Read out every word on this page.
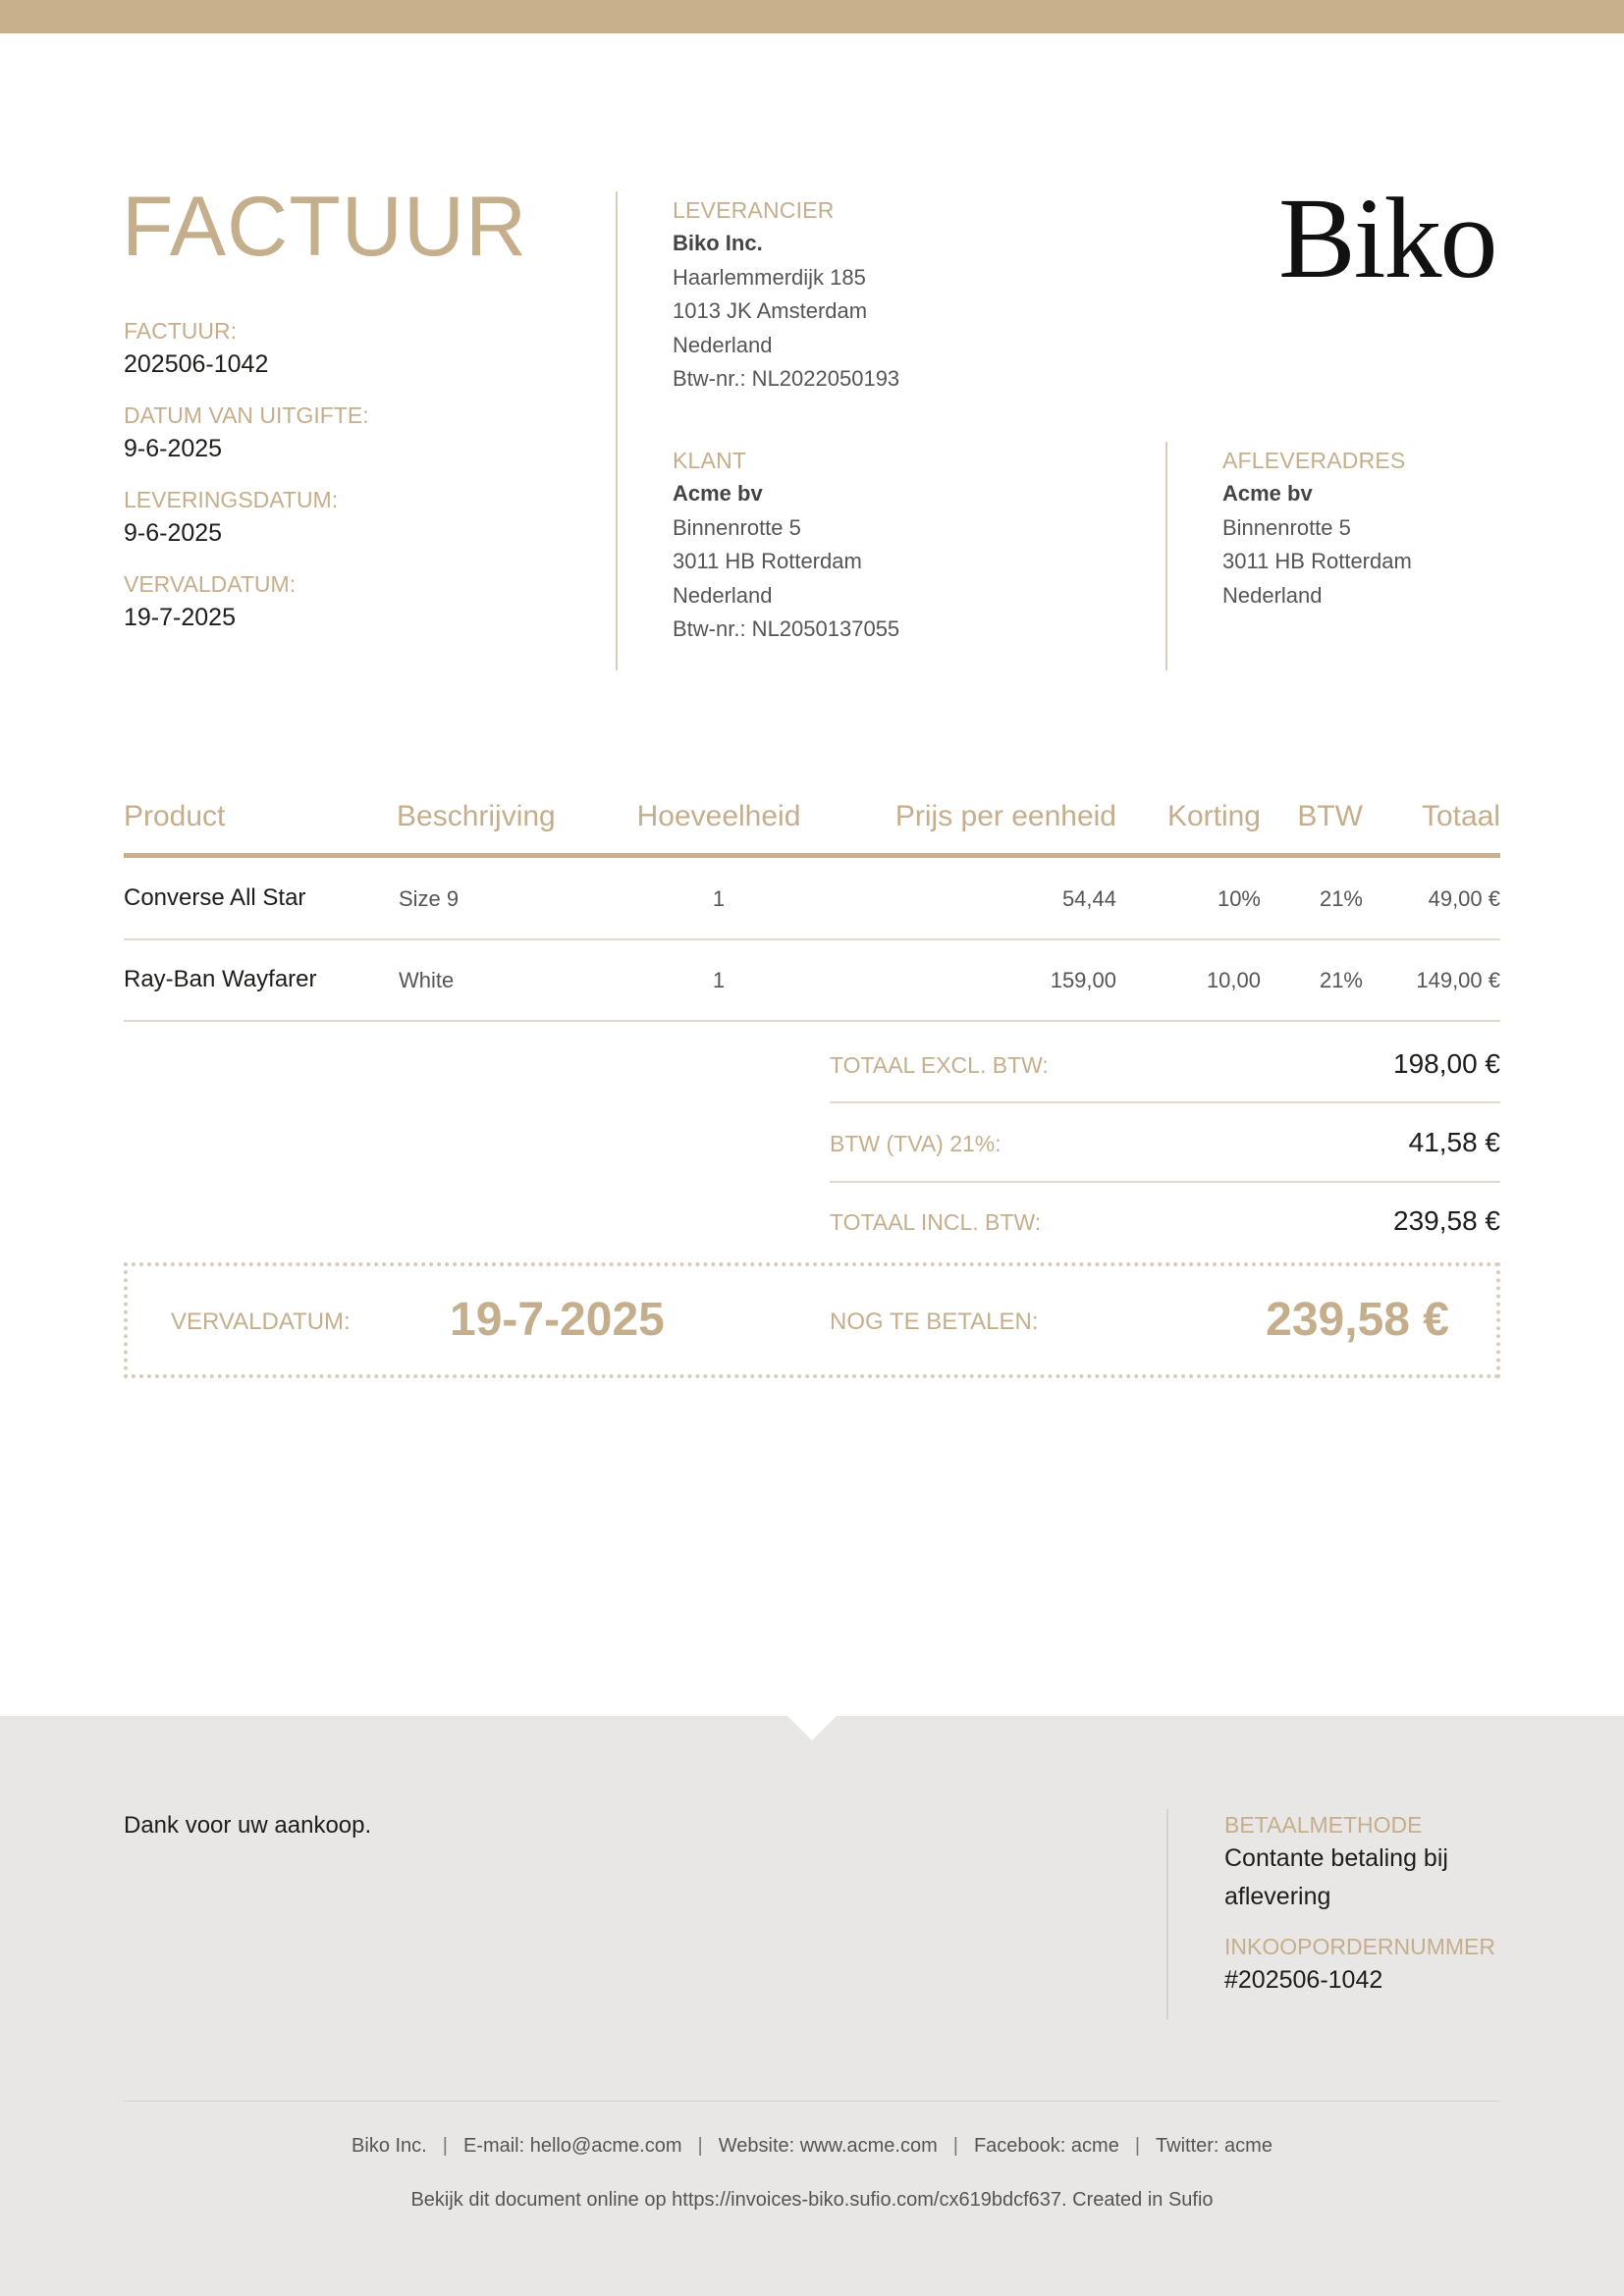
FACTUUR
FACTUUR:
202506-1042
DATUM VAN UITGIFTE:
9-6-2025
LEVERINGSDATUM:
9-6-2025
VERVALDATUM:
19-7-2025
LEVERANCIER
Biko Inc.
Haarlemmerdijk 185
1013 JK Amsterdam
Nederland
Btw-nr.: NL2022050193
Biko
KLANT
Acme bv
Binnenrotte 5
3011 HB Rotterdam
Nederland
Btw-nr.: NL2050137055
AFLEVERADRES
Acme bv
Binnenrotte 5
3011 HB Rotterdam
Nederland
Product	Beschrijving	Hoeveelheid	Prijs per eenheid	Korting	BTW	Totaal
Converse All Star	Size 9	1	54,44	10%	21%	49,00 €
Ray-Ban Wayfarer	White	1	159,00	10,00	21%	149,00 €
TOTAAL EXCL. BTW:	198,00 €
BTW (TVA) 21%:	41,58 €
TOTAAL INCL. BTW:	239,58 €
VERVALDATUM: 19-7-2025	NOG TE BETALEN:	239,58 €
Dank voor uw aankoop.	BETAALMETHODE
Contante betaling bij
aflevering
INKOOPORDERNUMMER
#202506-1042
Biko Inc. | E-mail: hello@acme.com | Website: www.acme.com | Facebook: acme | Twitter: acme
Bekijk dit document online op https://invoices-biko.sufio.com/cx619bdcf637. Created in Sufio
